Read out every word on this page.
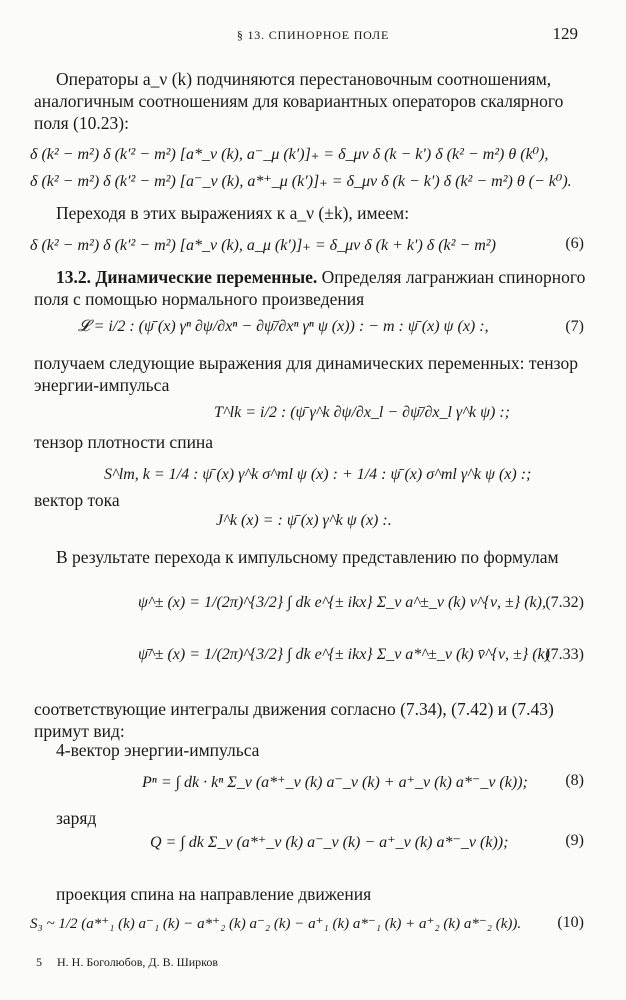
§ 13. СПИНОРНОЕ ПОЛЕ	129
Операторы a_ν (k) подчиняются перестановочным соотношениям, аналогичным соотношениям для ковариантных операторов скалярного поля (10.23):
δ (k² − m²) δ (k′² − m²) [a*_ν (k), a⁻_μ (k′)]₊ = δ_μν δ (k − k′) δ (k² − m²) θ (k⁰),
δ (k² − m²) δ (k′² − m²) [a⁻_ν (k), a*⁺_μ (k′)]₊ = δ_μν δ (k − k′) δ (k² − m²) θ (− k⁰).
Переходя в этих выражениях к a_ν (±k), имеем:
δ (k² − m²) δ (k′² − m²) [a*_ν (k), a_μ (k′)]₊ = δ_μν δ (k + k′) δ (k² − m²)	(6)
13.2. Динамические переменные. Определяя лагранжиан спинорного поля с помощью нормального произведения
𝓛 = i/2 : (ψ̄ (x) γⁿ ∂ψ/∂xⁿ − ∂ψ̄/∂xⁿ γⁿ ψ (x)) : − m : ψ̄ (x) ψ (x) :,	(7)
получаем следующие выражения для динамических переменных: тензор энергии-импульса
T^lk = i/2 : (ψ̄ γ^k ∂ψ/∂x_l − ∂ψ̄/∂x_l γ^k ψ) :;
тензор плотности спина
S^lm, k = 1/4 : ψ̄ (x) γ^k σ^ml ψ (x) : + 1/4 : ψ̄ (x) σ^ml γ^k ψ (x) :;
вектор тока
J^k (x) = : ψ̄ (x) γ^k ψ (x) :.
В результате перехода к импульсному представлению по формулам
ψ^± (x) = 1/(2π)^{3/2} ∫ dk e^{± ikx} Σ_ν a^±_ν (k) v^{ν, ±} (k), (7.32)
ψ̄^± (x) = 1/(2π)^{3/2} ∫ dk e^{± ikx} Σ_ν a*^±_ν (k) v̄^{ν, ±} (k)
(7.33)
соответствующие интегралы движения согласно (7.34), (7.42) и (7.43) примут вид:
4-вектор энергии-импульса
Pⁿ = ∫ dk · kⁿ Σ_ν (a*⁺_ν (k) a⁻_ν (k) + a⁺_ν (k) a*⁻_ν (k)); (8)
заряд
Q = ∫ dk Σ_ν (a*⁺_ν (k) a⁻_ν (k) − a⁺_ν (k) a*⁻_ν (k));	(9)
проекция спина на направление движения
S₃ ~ 1/2 (a*⁺₁ (k) a⁻₁ (k) − a*⁺₂ (k) a⁻₂ (k) − a⁺₁ (k) a*⁻₁ (k) + a⁺₂ (k) a*⁻₂ (k)). (10)
5 Н. Н. Боголюбов, Д. В. Ширков
